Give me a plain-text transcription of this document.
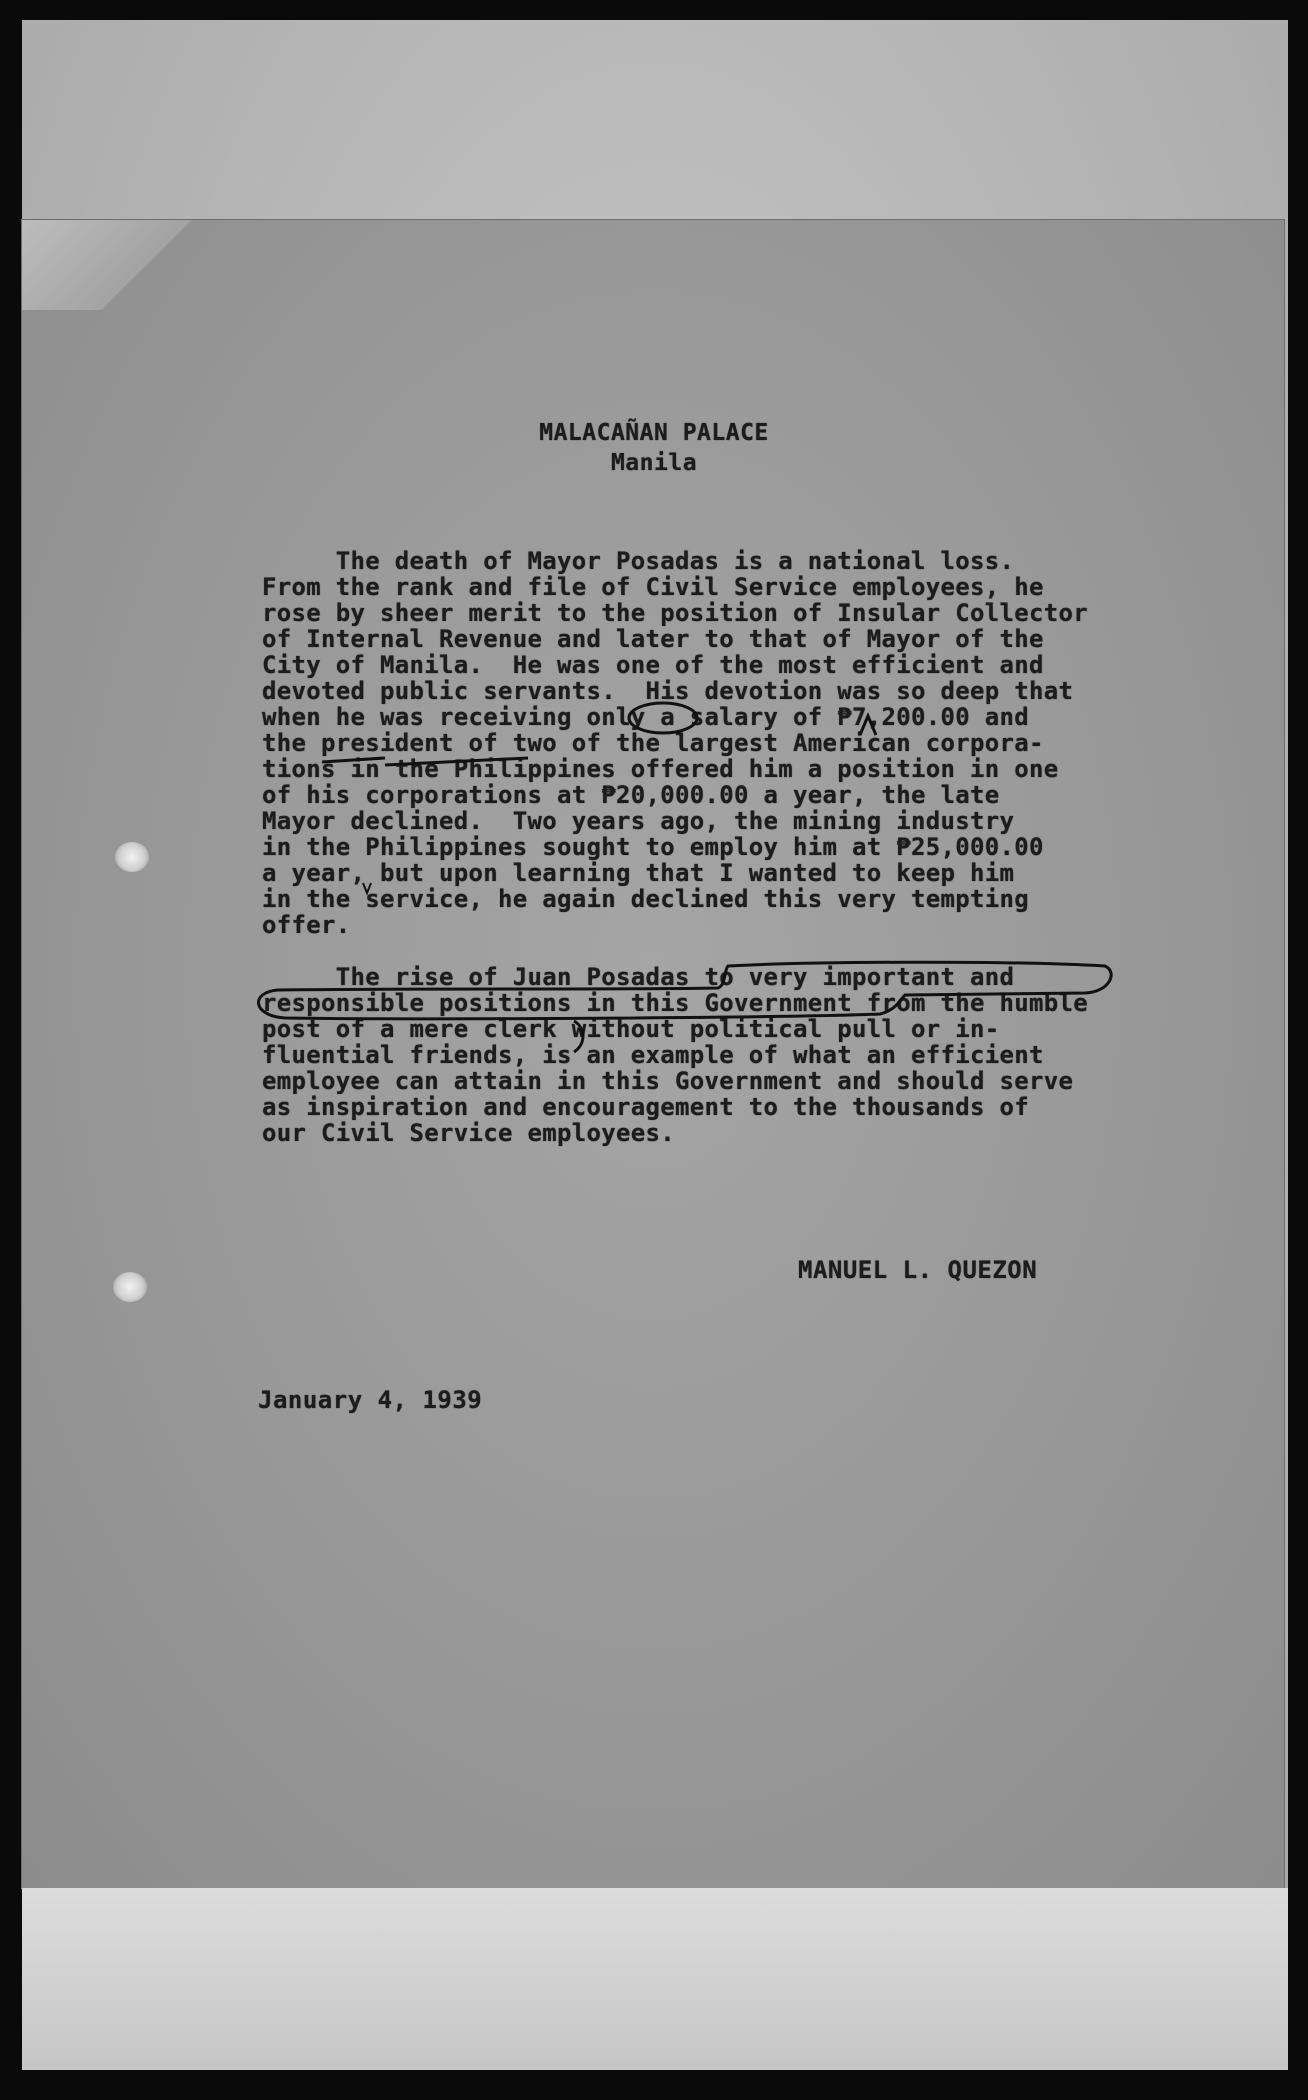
MALACAÑAN PALACE
Manila
The death of Mayor Posadas is a national loss.
From the rank and file of Civil Service employees, he
rose by sheer merit to the position of Insular Collector
of Internal Revenue and later to that of Mayor of the
City of Manila.  He was one of the most efficient and
devoted public servants.  His devotion was so deep that
when he was receiving only a salary of ₱7,200.00 and
the president of two of the largest American corpora-
tions in the Philippines offered him a position in one
of his corporations at ₱20,000.00 a year, the late
Mayor declined.  Two years ago, the mining industry
in the Philippines sought to employ him at ₱25,000.00
a year, but upon learning that I wanted to keep him
in the service, he again declined this very tempting
offer.
The rise of Juan Posadas to very important and
responsible positions in this Government from the humble
post of a mere clerk without political pull or in-
fluential friends, is an example of what an efficient
employee can attain in this Government and should serve
as inspiration and encouragement to the thousands of
our Civil Service employees.
MANUEL L. QUEZON
January 4, 1939
